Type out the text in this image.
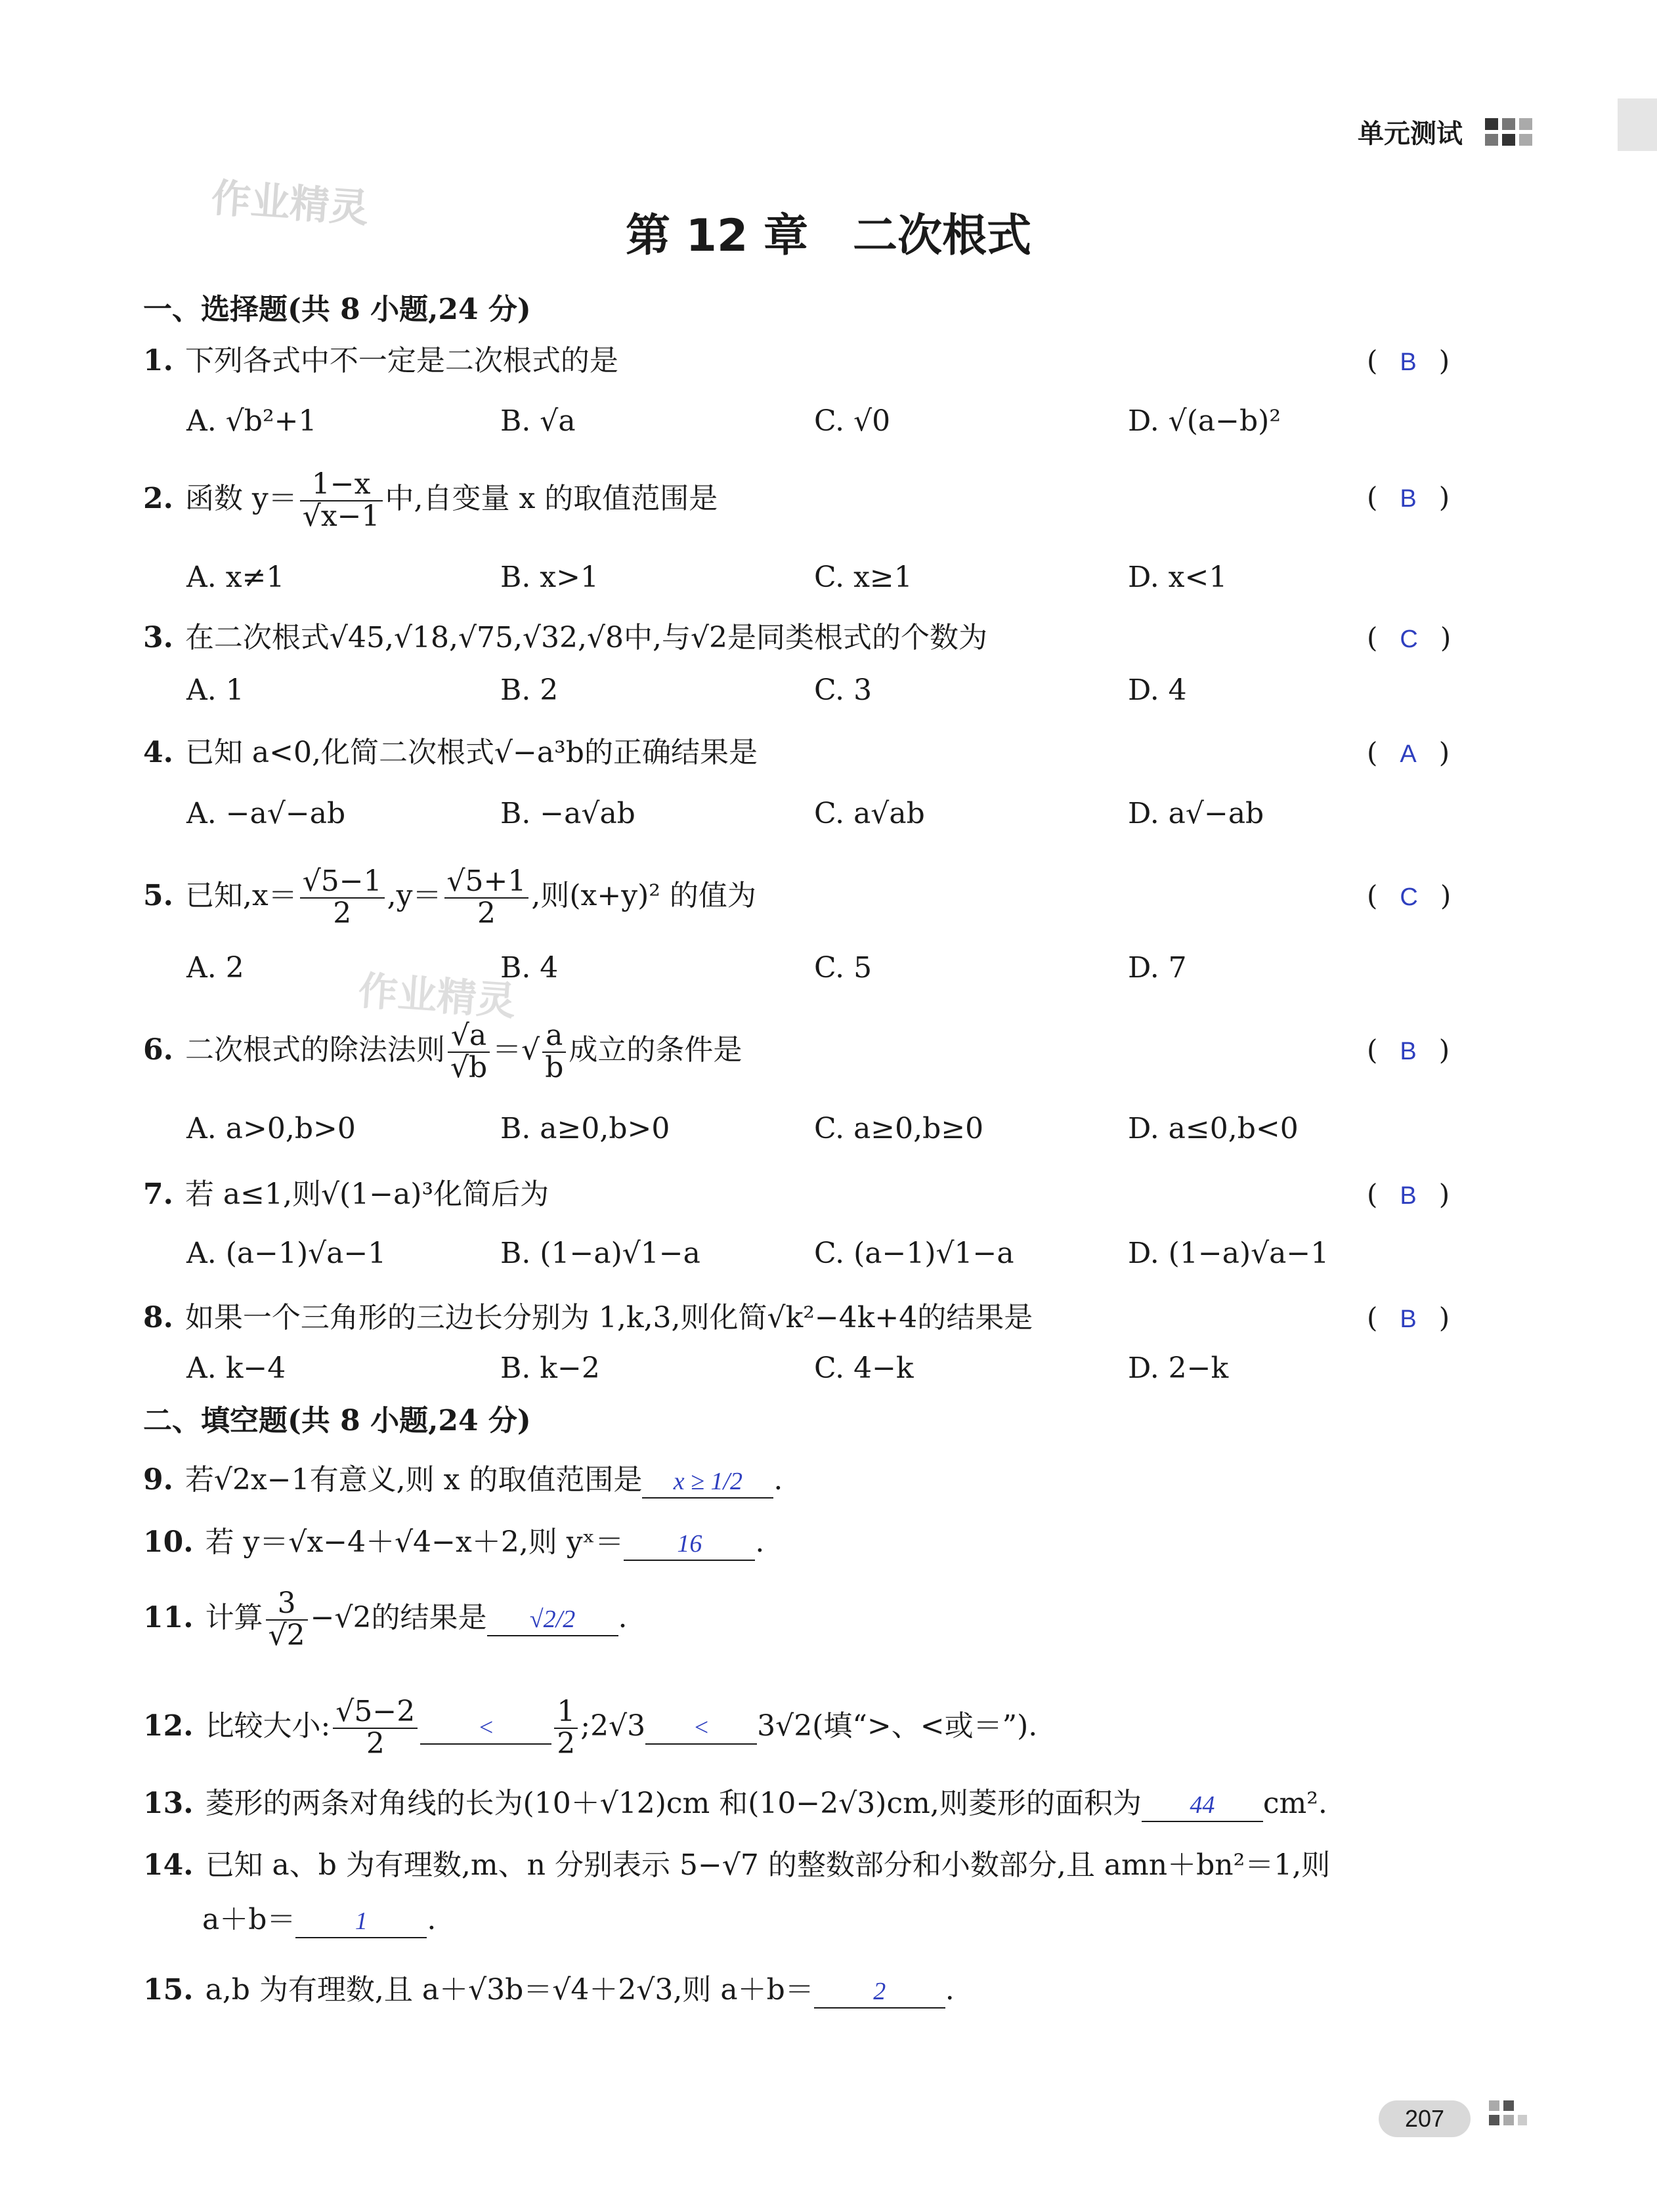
单元测试
作业精灵
作业精灵
第 12 章　二次根式
一、选择题(共 8 小题,24 分)
1. 下列各式中不一定是二次根式的是	( B )
A. √b²+1	B. √a	C. √0	D. √(a−b)²
2. 函数 $y= \frac{1-x}{√x-1}$ 中,自变量 x 的取值范围是	( B )
A. x≠1	B. x>1	C. x≥1	D. x<1
3. 在二次根式√45,√18,√75,√32,√8中,与√2是同类根式的个数为	( C )
A. 1	B. 2	C. 3	D. 4
4. 已知 a<0,化简二次根式√−a³b的正确结果是	( A )
A. −a√−ab	B. −a√ab	C. a√ab	D. a√−ab
5. 已知$,x= \frac{√5-1}{2} ,y= \frac{√5+1}{2}$ ,则(x+y)² 的值为	( C )
A. 2	B. 4	C. 5	D. 7
6. 二次根式的除法法则 $\frac{√a}{√b}$ ＝√ $\frac{a}{b}$ 成立的条件是	( B )
A. a>0,b>0	B. a≥0,b>0	C. a≥0,b≥0	D. a≤0,b<0
7. 若 a≤1,则√(1−a)³化简后为	( B )
A. (a−1)√a−1	B. (1−a)√1−a	C. (a−1)√1−a	D. (1−a)√a−1
8. 如果一个三角形的三边长分别为 1,k,3,则化简√k²−4k+4的结果是	( B )
A. k−4	B. k−2	C. 4−k	D. 2−k
二、填空题(共 8 小题,24 分)
9. 若√2x−1有意义,则 x 的取值范围是 x ≥ 1/2 .
10. 若 y＝√x−4＋√4−x＋2,则 yˣ＝ 16 .
11. 计算 $\frac{3}{√2} -√2$的结果是 √2/2 .
12. 比较大小: $\frac{√5-2}{2} < \frac{1}{2}$ ;2√3 < 3√2(填“>、<或＝”).
13. 菱形的两条对角线的长为(10＋√12)cm 和(10−2√3)cm,则菱形的面积为 44 cm².
14. 已知 a、b 为有理数,m、n 分别表示 5−√7 的整数部分和小数部分,且 amn＋bn²＝1,则
a＋b＝ 1 .
15. a,b 为有理数,且 a＋√3b＝√4＋2√3,则 a＋b＝ 2 .
207
